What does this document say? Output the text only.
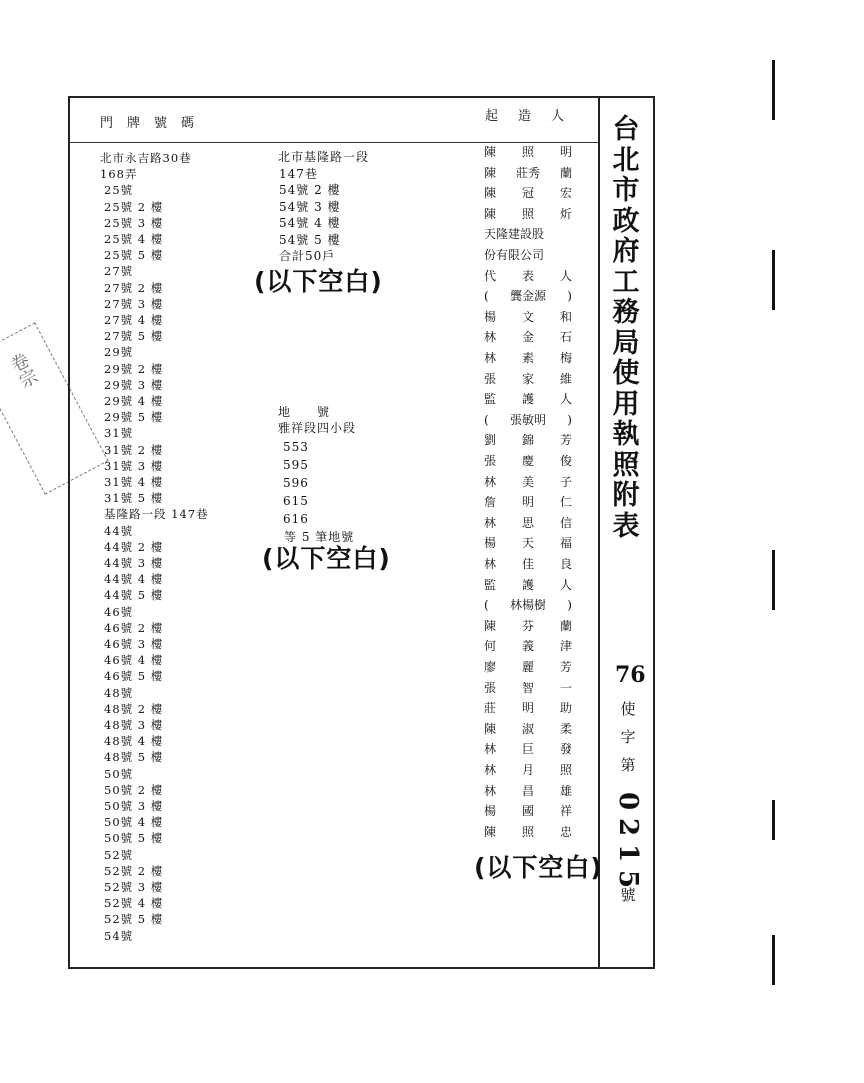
門牌號碼	起造人 台
北
市
政
府
工
務
局
使
用
執
照
附
表
北市永吉路30巷
168弄
25號
25號 2 樓
25號 3 樓
25號 4 樓
25號 5 樓
27號
27號 2 樓
27號 3 樓
27號 4 樓
27號 5 樓
29號
29號 2 樓
29號 3 樓
29號 4 樓
29號 5 樓
31號
31號 2 樓
31號 3 樓
31號 4 樓
31號 5 樓
基隆路一段 147巷
44號
44號 2 樓
44號 3 樓
44號 4 樓
44號 5 樓
46號
46號 2 樓
46號 3 樓
46號 4 樓
46號 5 樓
48號
48號 2 樓
48號 3 樓
48號 4 樓
48號 5 樓
50號
50號 2 樓
50號 3 樓
50號 4 樓
50號 5 樓
52號
52號 2 樓
52號 3 樓
52號 4 樓
52號 5 樓
54號
北市基隆路一段
147巷
54號 2 樓
54號 3 樓
54號 4 樓
54號 5 樓
合計50戶
地　　號
雅祥段四小段
553
595
596
615
616
等 5 筆地號
(以下空白)
(以下空白)
(以下空白)
陳 照 明
陳 莊秀 蘭
陳 冠 宏
陳 照 炘
天隆建設股
份有限公司
代 表 人
( 龔金源 )
楊 文 和
林 金 石
林 素 梅
張 家 維
監 護 人
( 張敏明 )
劉 錦 芳
張 慶 俊
林 美 子
詹 明 仁
林 思 信
楊 天 福
林 佳 良
監 護 人
( 林楊樹 )
陳 芬 蘭
何 義 津
廖 麗 芳
張 智 一
莊 明 助
陳 淑 柔
林 巨 發
林 月 照
林 昌 雄
楊 國 祥
陳 照 忠
76
使
字
第
0
2
1
5
號
卷宗
